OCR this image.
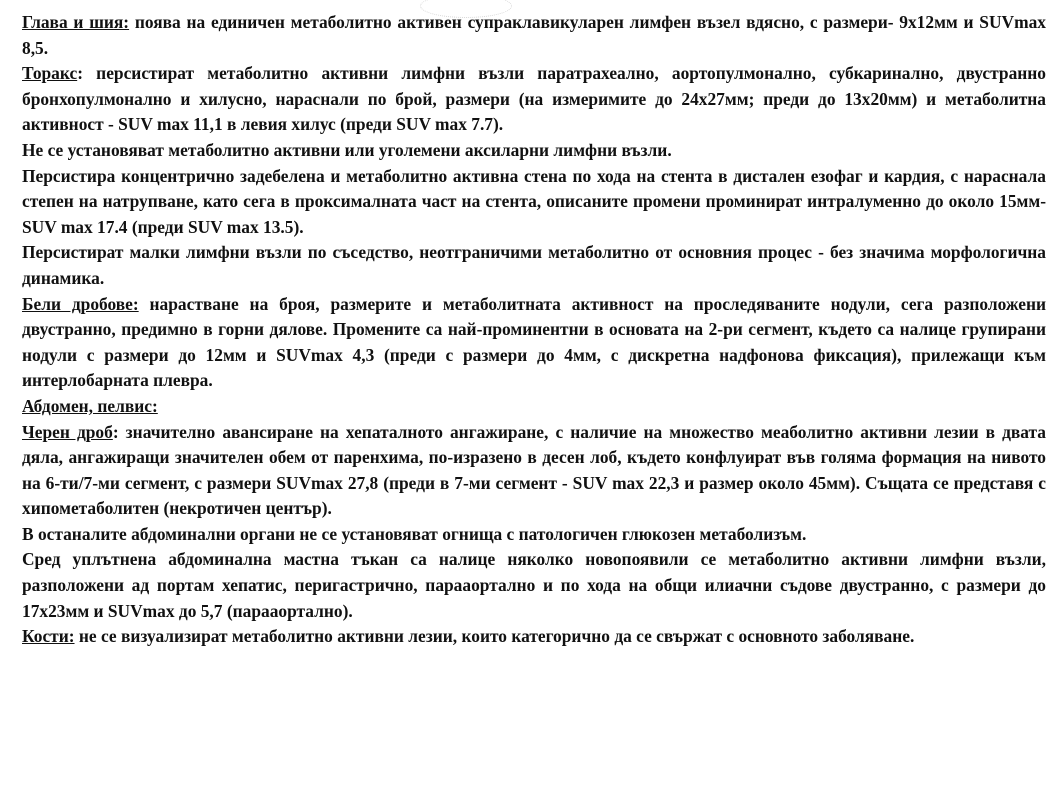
Глава и шия: поява на единичен метаболитно активен супраклавикуларен лимфен възел вдясно, с размери- 9х12мм и SUVmax 8,5.

Торакс: персистират метаболитно активни лимфни възли паратрахеално, аортопулмонално, субкаринално, двустранно бронхопулмонално и хилусно, нараснали по брой, размери (на измеримите до 24х27мм; преди до 13х20мм) и метаболитна активност - SUV max 11,1 в левия хилус (преди SUV max 7.7).

Не се установяват метаболитно активни или уголемени аксиларни лимфни възли.

Персистира концентрично задебелена и метаболитно активна стена по хода на стента в дистален езофаг и кардия, с нараснала степен на натрупване, като сега в проксималната част на стента, описаните промени проминират интралуменно до около 15мм- SUV max 17.4 (преди SUV max 13.5).

Персистират малки лимфни възли по съседство, неотграничими метаболитно от основния процес - без значима морфологична динамика.

Бели дробове: нарастване на броя, размерите и метаболитната активност на проследяваните нодули, сега разположени двустранно, предимно в горни дялове. Промените са най-проминентни в основата на 2-ри сегмент, където са налице групирани нодули с размери до 12мм и SUVmax 4,3 (преди с размери до 4мм, с дискретна надфонова фиксация), прилежащи към интерлобарната плевра.

Абдомен, пелвис:

Черен дроб: значително авансиране на хепаталното ангажиране, с наличие на множество меаболитно активни лезии в двата дяла, ангажиращи значителен обем от паренхима, по-изразено в десен лоб, където конфлуират във голяма формация на нивото на 6-ти/7-ми сегмент, с размери SUVmax 27,8 (преди в 7-ми сегмент - SUV max 22,3 и размер около 45мм). Същата се представя с хипометаболитен (некротичен център).

В останалите абдоминални органи не се установяват огнища с патологичен глюкозен метаболизъм.

Сред уплътнена абдоминална мастна тъкан са налице няколко новопоявили се метаболитно активни лимфни възли, разположени ад портам хепатис, перигастрично, парааортално и по хода на общи илиачни съдове двустранно, с размери до 17х23мм и SUVmax до 5,7 (парааортално).

Кости: не се визуализират метаболитно активни лезии, които категорично да се свържат с основното заболяване.
